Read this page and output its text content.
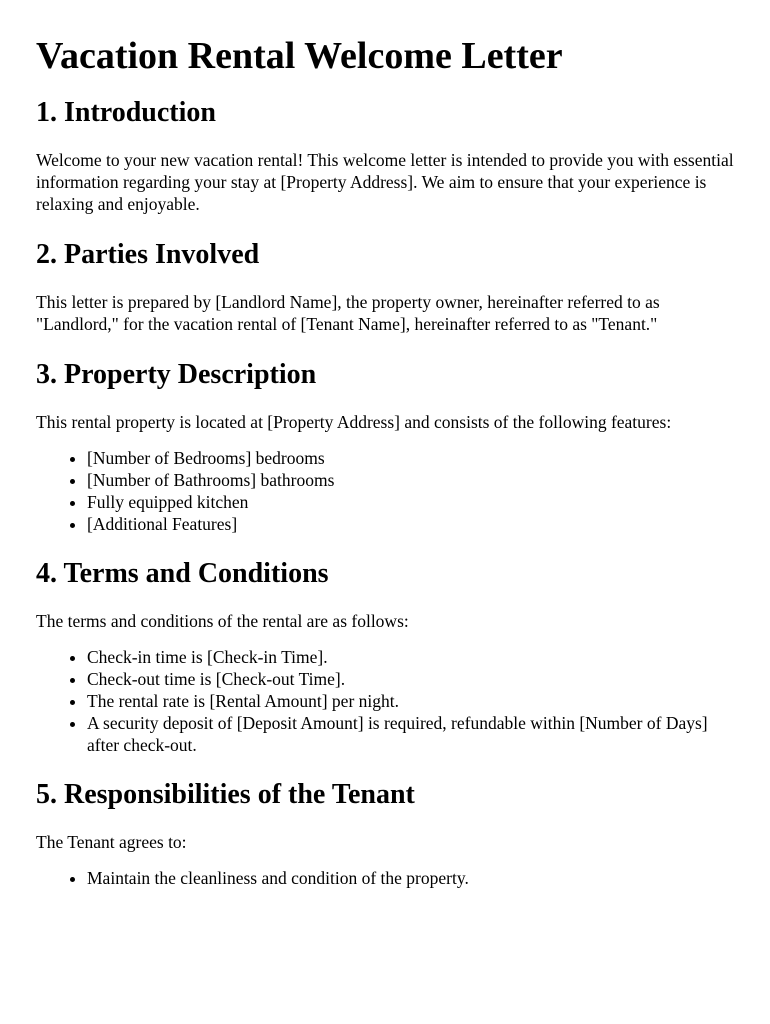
Vacation Rental Welcome Letter
1. Introduction

Welcome to your new vacation rental! This welcome letter is intended to provide you with essential information regarding your stay at [Property Address]. We aim to ensure that your experience is relaxing and enjoyable.

2. Parties Involved

This letter is prepared by [Landlord Name], the property owner, hereinafter referred to as "Landlord," for the vacation rental of [Tenant Name], hereinafter referred to as "Tenant."

3. Property Description

This rental property is located at [Property Address] and consists of the following features:

• [Number of Bedrooms] bedrooms
• [Number of Bathrooms] bathrooms
• Fully equipped kitchen
• [Additional Features]
4. Terms and Conditions

The terms and conditions of the rental are as follows:

• Check-in time is [Check-in Time].
• Check-out time is [Check-out Time].
• The rental rate is [Rental Amount] per night.
• A security deposit of [Deposit Amount] is required, refundable within [Number of Days] after check-out.
5. Responsibilities of the Tenant

The Tenant agrees to:

• Maintain the cleanliness and condition of the property.
